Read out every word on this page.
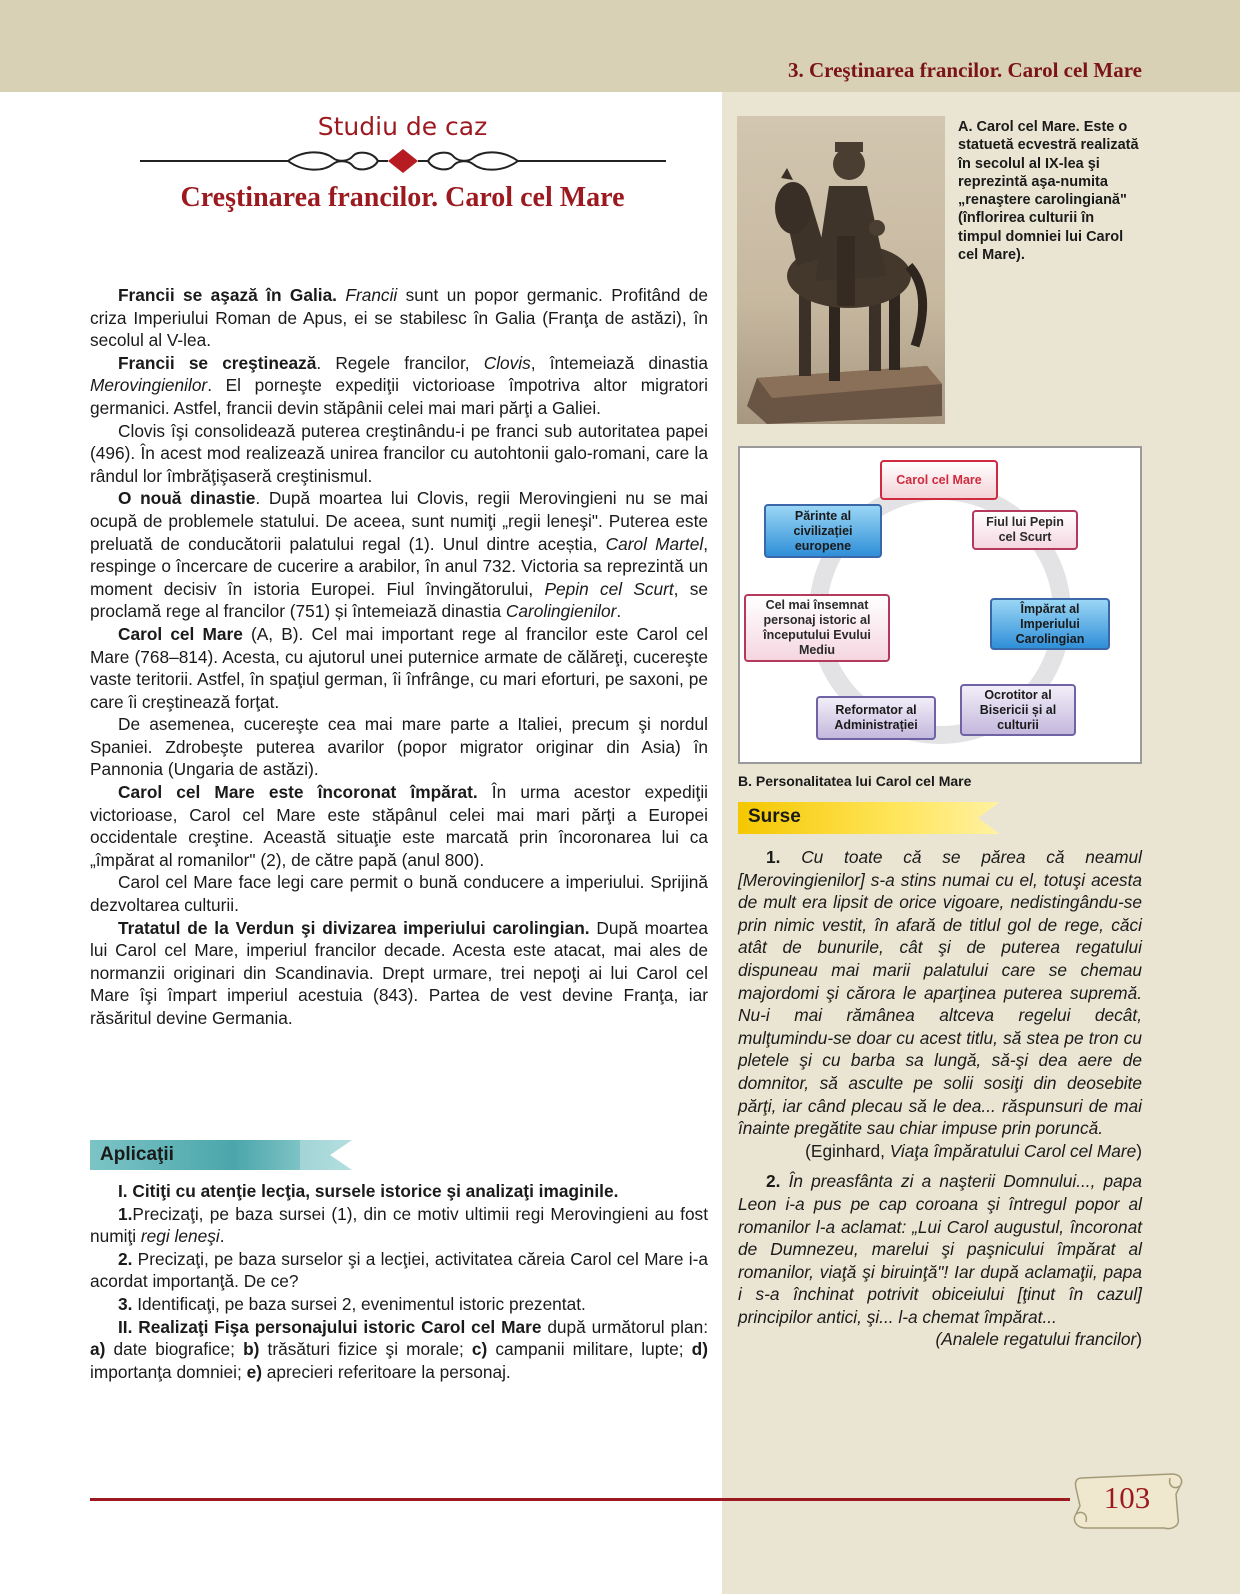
3. Creştinarea francilor. Carol cel Mare
Studiu de caz
Creştinarea francilor. Carol cel Mare

Francii se aşază în Galia. Francii sunt un popor germanic. Profitând de criza Imperiului Roman de Apus, ei se stabilesc în Galia (Franţa de astăzi), în secolul al V-lea.

Francii se creştinează. Regele francilor, Clovis, întemeiază dinastia Merovingienilor. El porneşte expediţii victorioase împotriva altor migratori germanici. Astfel, francii devin stăpânii celei mai mari părţi a Galiei.

Clovis îşi consolidează puterea creştinându-i pe franci sub autoritatea papei (496). În acest mod realizează unirea francilor cu autohtonii galo-romani, care la rândul lor îmbrăţişaseră creştinismul.

O nouă dinastie. După moartea lui Clovis, regii Merovingieni nu se mai ocupă de problemele statului. De aceea, sunt numiţi „regii leneşi". Puterea este preluată de conducătorii palatului regal (1). Unul dintre aceștia, Carol Martel, respinge o încercare de cucerire a arabilor, în anul 732. Victoria sa reprezintă un moment decisiv în istoria Europei. Fiul învingătorului, Pepin cel Scurt, se proclamă rege al francilor (751) și întemeiază dinastia Carolingienilor.

Carol cel Mare (A, B). Cel mai important rege al francilor este Carol cel Mare (768–814). Acesta, cu ajutorul unei puternice armate de călăreţi, cucereşte vaste teritorii. Astfel, în spaţiul german, îi înfrânge, cu mari eforturi, pe saxoni, pe care îi creştinează forţat.

De asemenea, cucereşte cea mai mare parte a Italiei, precum şi nordul Spaniei. Zdrobeşte puterea avarilor (popor migrator originar din Asia) în Pannonia (Ungaria de astăzi).

Carol cel Mare este încoronat împărat. În urma acestor expediţii victorioase, Carol cel Mare este stăpânul celei mai mari părţi a Europei occidentale creştine. Această situaţie este marcată prin încoronarea lui ca „împărat al romanilor" (2), de către papă (anul 800).

Carol cel Mare face legi care permit o bună conducere a imperiului. Sprijină dezvoltarea culturii.

Tratatul de la Verdun şi divizarea imperiului carolingian. După moartea lui Carol cel Mare, imperiul francilor decade. Acesta este atacat, mai ales de normanzii originari din Scandinavia. Drept urmare, trei nepoţi ai lui Carol cel Mare îşi împart imperiul acestuia (843). Partea de vest devine Franţa, iar răsăritul devine Germania.

Aplicaţii

I. Citiţi cu atenţie lecţia, sursele istorice şi analizaţi imaginile.

1.Precizaţi, pe baza sursei (1), din ce motiv ultimii regi Merovingieni au fost numiţi regi leneşi.

2. Precizaţi, pe baza surselor şi a lecţiei, activitatea căreia Carol cel Mare i-a acordat importanţă. De ce?

3. Identificaţi, pe baza sursei 2, evenimentul istoric prezentat.

II. Realizaţi Fişa personajului istoric Carol cel Mare după următorul plan: a) date biografice; b) trăsături fizice şi morale; c) campanii militare, lupte; d) importanţa domniei; e) aprecieri referitoare la personaj.

A. Carol cel Mare. Este o statuetă ecvestră realizată în secolul al IX-lea şi reprezintă aşa-numita „renaştere carolingiană" (înflorirea culturii în timpul domniei lui Carol cel Mare).
Carol cel Mare
Fiul lui Pepin cel Scurt
Împărat al Imperiului Carolingian
Ocrotitor al Bisericii și al culturii
Reformator al Administrației
Cel mai însemnat personaj istoric al începutului Evului Mediu
Părinte al civilizației europene
B. Personalitatea lui Carol cel Mare
Surse

1. Cu toate că se părea că neamul [Merovingienilor] s-a stins numai cu el, totuşi acesta de mult era lipsit de orice vigoare, nedistingându-se prin nimic vestit, în afară de titlul gol de rege, căci atât de bunurile, cât şi de puterea regatului dispuneau mai marii palatului care se chemau majordomi şi cărora le aparţinea puterea supremă. Nu-i mai rămânea altceva regelui decât, mulţumindu-se doar cu acest titlu, să stea pe tron cu pletele şi cu barba sa lungă, să-şi dea aere de domnitor, să asculte pe solii sosiţi din deosebite părţi, iar când plecau să le dea... răspunsuri de mai înainte pregătite sau chiar impuse prin poruncă.

(Eginhard, Viaţa împăratului Carol cel Mare)

2. În preasfânta zi a naşterii Domnului..., papa Leon i-a pus pe cap coroana şi întregul popor al romanilor l-a aclamat: „Lui Carol augustul, încoronat de Dumnezeu, marelui şi paşnicului împărat al romanilor, viaţă şi biruinţă"! Iar după aclamaţii, papa i s-a închinat potrivit obiceiului [ţinut în cazul] principilor antici, şi... l-a chemat împărat...

(Analele regatului francilor)

103
